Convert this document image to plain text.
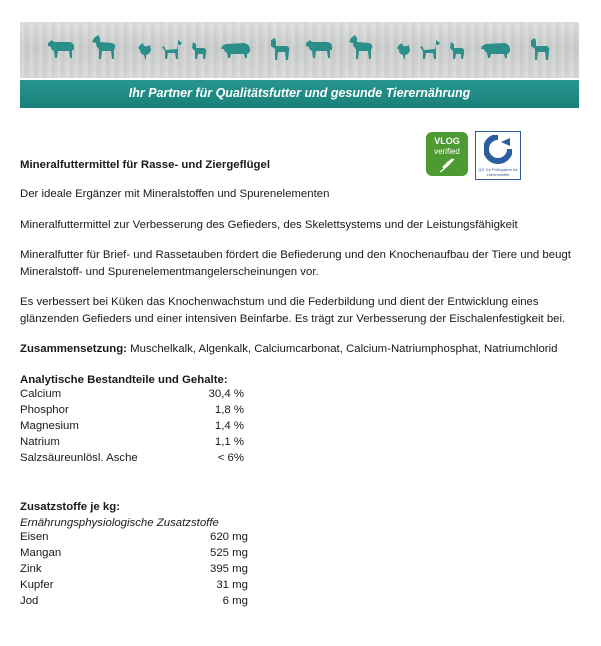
Ihr Partner für Qualitätsfutter und gesunde Tierernährung
VLOG
verified
QS. Ihr Prüfsystem für Lebensmittel

Mineralfuttermittel für Rasse- und Ziergeflügel

Der ideale Ergänzer mit Mineralstoffen und Spurenelementen

Mineralfuttermittel zur Verbesserung des Gefieders, des Skelettsystems und der Leistungsfähigkeit

Mineralfutter für Brief- und Rassetauben fördert die Befiederung und den Knochenaufbau der Tiere und beugt Mineralstoff- und Spurenelementmangelerscheinungen vor.

Es verbessert bei Küken das Knochenwachstum und die Federbildung und dient der Entwicklung eines glänzenden Gefieders und einer intensiven Beinfarbe. Es trägt zur Verbesserung der Eischalenfestigkeit bei.

Zusammensetzung: Muschelkalk, Algenkalk, Calciumcarbonat, Calcium-Natriumphosphat, Natriumchlorid

Analytische Bestandteile und Gehalte:

Calcium	30,4 %
Phosphor	1,8 %
Magnesium	1,4 %
Natrium	1,1 %
Salzsäureunlösl. Asche	< 6%

Zusatzstoffe je kg:

Ernährungsphysiologische Zusatzstoffe

Eisen	620 mg
Mangan	525 mg
Zink	395 mg
Kupfer	31 mg
Jod	6 mg
